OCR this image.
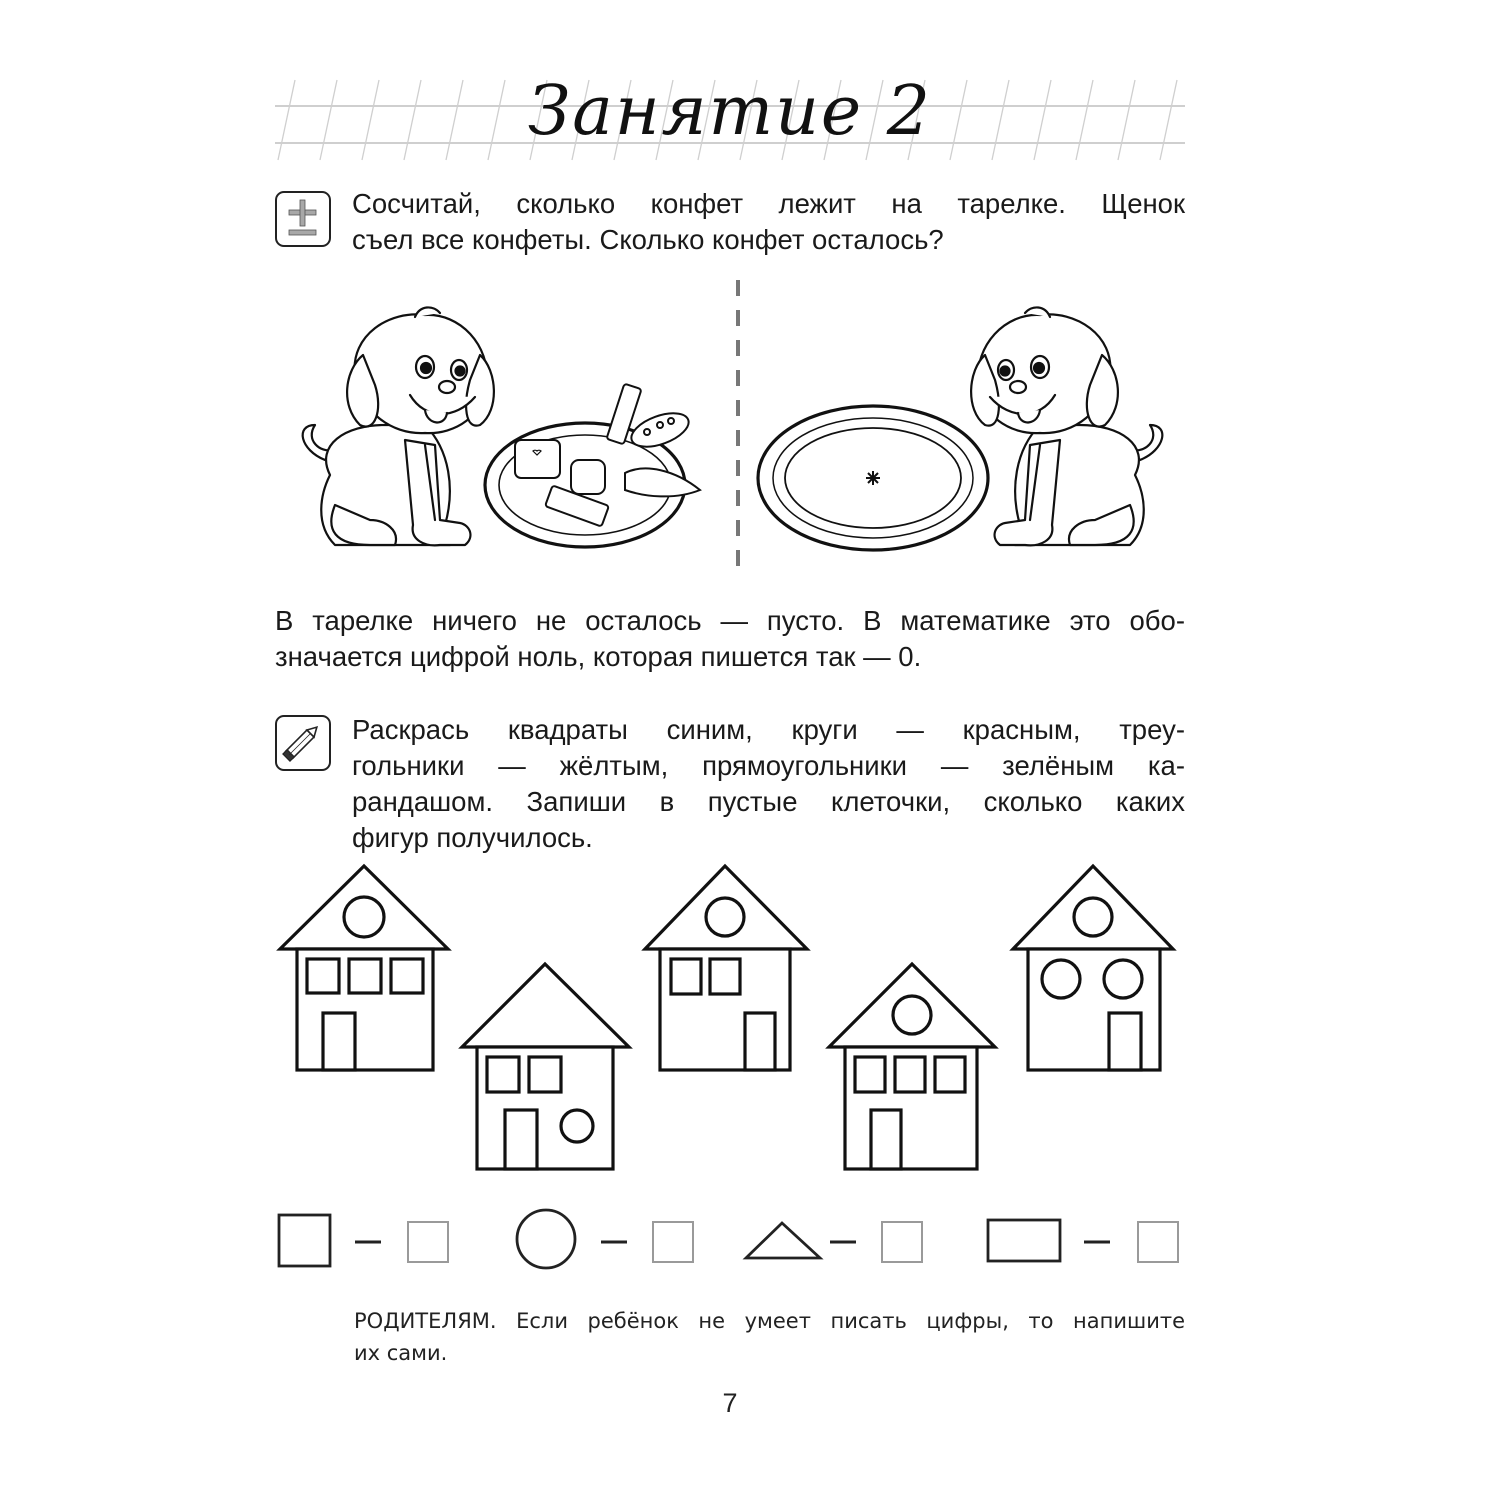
Занятие 2
Сосчитай, сколько конфет лежит на тарелке. Щенок
съел все конфеты. Сколько конфет осталось?
В тарелке ничего не осталось — пусто. В математике это обо-
значается цифрой ноль, которая пишется так — 0.
Раскрась квадраты синим, круги — красным, треу-
гольники — жёлтым, прямоугольники — зелёным ка-
рандашом. Запиши в пустые клеточки, сколько каких
фигур получилось.
РОДИТЕЛЯМ. Если ребёнок не умеет писать цифры, то напишите
их сами.
7
